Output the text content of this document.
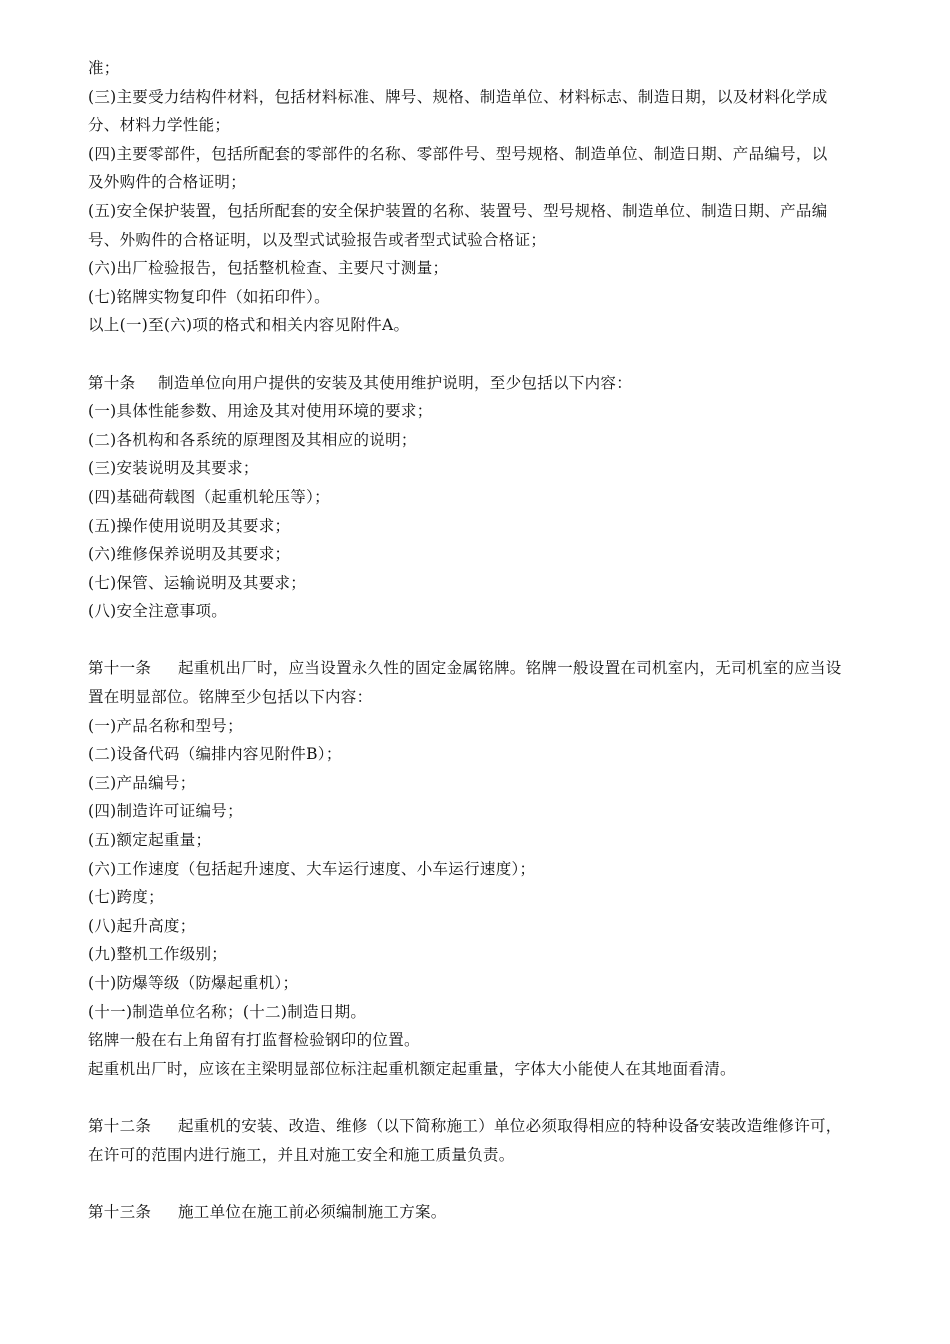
准；

(三)主要受力结构件材料，包括材料标准、牌号、规格、制造单位、材料标志、制造日期，以及材料化学成

分、材料力学性能；

(四)主要零部件，包括所配套的零部件的名称、零部件号、型号规格、制造单位、制造日期、产品编号，以

及外购件的合格证明；

(五)安全保护装置，包括所配套的安全保护装置的名称、装置号、型号规格、制造单位、制造日期、产品编

号、外购件的合格证明，以及型式试验报告或者型式试验合格证；

(六)出厂检验报告，包括整机检查、主要尺寸测量；

(七)铭牌实物复印件（如拓印件）。

以上(一)至(六)项的格式和相关内容见附件A。

第十条 制造单位向用户提供的安装及其使用维护说明，至少包括以下内容：

(一)具体性能参数、用途及其对使用环境的要求；

(二)各机构和各系统的原理图及其相应的说明；

(三)安装说明及其要求；

(四)基础荷载图（起重机轮压等）；

(五)操作使用说明及其要求；

(六)维修保养说明及其要求；

(七)保管、运输说明及其要求；

(八)安全注意事项。

第十一条 起重机出厂时，应当设置永久性的固定金属铭牌。铭牌一般设置在司机室内，无司机室的应当设

置在明显部位。铭牌至少包括以下内容：

(一)产品名称和型号；

(二)设备代码（编排内容见附件B）；

(三)产品编号；

(四)制造许可证编号；

(五)额定起重量；

(六)工作速度（包括起升速度、大车运行速度、小车运行速度）；

(七)跨度；

(八)起升高度；

(九)整机工作级别；

(十)防爆等级（防爆起重机）；

(十一)制造单位名称；(十二)制造日期。

铭牌一般在右上角留有打监督检验钢印的位置。

起重机出厂时，应该在主梁明显部位标注起重机额定起重量，字体大小能使人在其地面看清。

第十二条 起重机的安装、改造、维修（以下简称施工）单位必须取得相应的特种设备安装改造维修许可，

在许可的范围内进行施工，并且对施工安全和施工质量负责。

第十三条 施工单位在施工前必须编制施工方案。
